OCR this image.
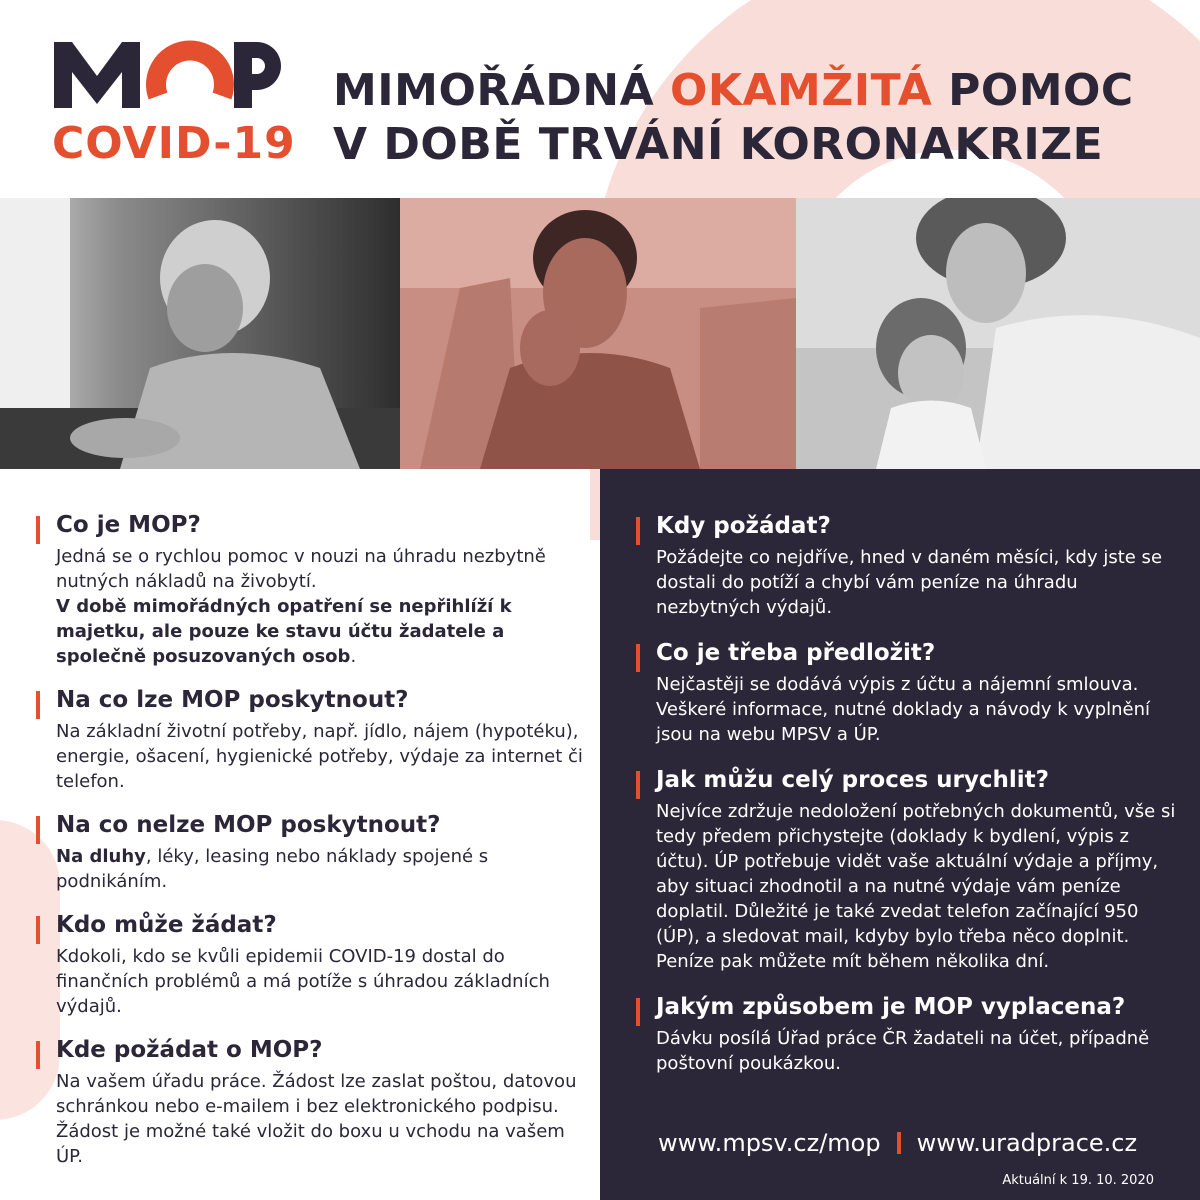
COVID-19
MIMOŘÁDNÁ OKAMŽITÁ POMOC
V DOBĚ TRVÁNÍ KORONAKRIZE
Co je MOP?

Jedná se o rychlou pomoc v nouzi na úhradu nezbytně nutných nákladů na živobytí.
V době mimořádných opatření se nepřihlíží k majetku, ale pouze ke stavu účtu žadatele a společně posuzovaných osob.

Na co lze MOP poskytnout?

Na základní životní potřeby, např. jídlo, nájem (hypotéku), energie, ošacení, hygienické potřeby, výdaje za internet či telefon.

Na co nelze MOP poskytnout?

Na dluhy, léky, leasing nebo náklady spojené s podnikáním.

Kdo může žádat?

Kdokoli, kdo se kvůli epidemii COVID-19 dostal do finančních problémů a má potíže s úhradou základních výdajů.

Kde požádat o MOP?

Na vašem úřadu práce. Žádost lze zaslat poštou, datovou schránkou nebo e-mailem i bez elektronického podpisu. Žádost je možné také vložit do boxu u vchodu na vašem ÚP.

Kdy požádat?

Požádejte co nejdříve, hned v daném měsíci, kdy jste se dostali do potíží a chybí vám peníze na úhradu nezbytných výdajů.

Co je třeba předložit?

Nejčastěji se dodává výpis z účtu a nájemní smlouva. Veškeré informace, nutné doklady a návody k vyplnění jsou na webu MPSV a ÚP.

Jak můžu celý proces urychlit?

Nejvíce zdržuje nedoložení potřebných dokumentů, vše si tedy předem přichystejte (doklady k bydlení, výpis z účtu). ÚP potřebuje vidět vaše aktuální výdaje a příjmy, aby situaci zhodnotil a na nutné výdaje vám peníze doplatil. Důležité je také zvedat telefon začínající 950 (ÚP), a sledovat mail, kdyby bylo třeba něco doplnit. Peníze pak můžete mít během několika dní.

Jakým způsobem je MOP vyplacena?

Dávku posílá Úřad práce ČR žadateli na účet, případně poštovní poukázkou.

www.mpsv.cz/mop www.uradprace.cz
Aktuální k 19. 10. 2020
